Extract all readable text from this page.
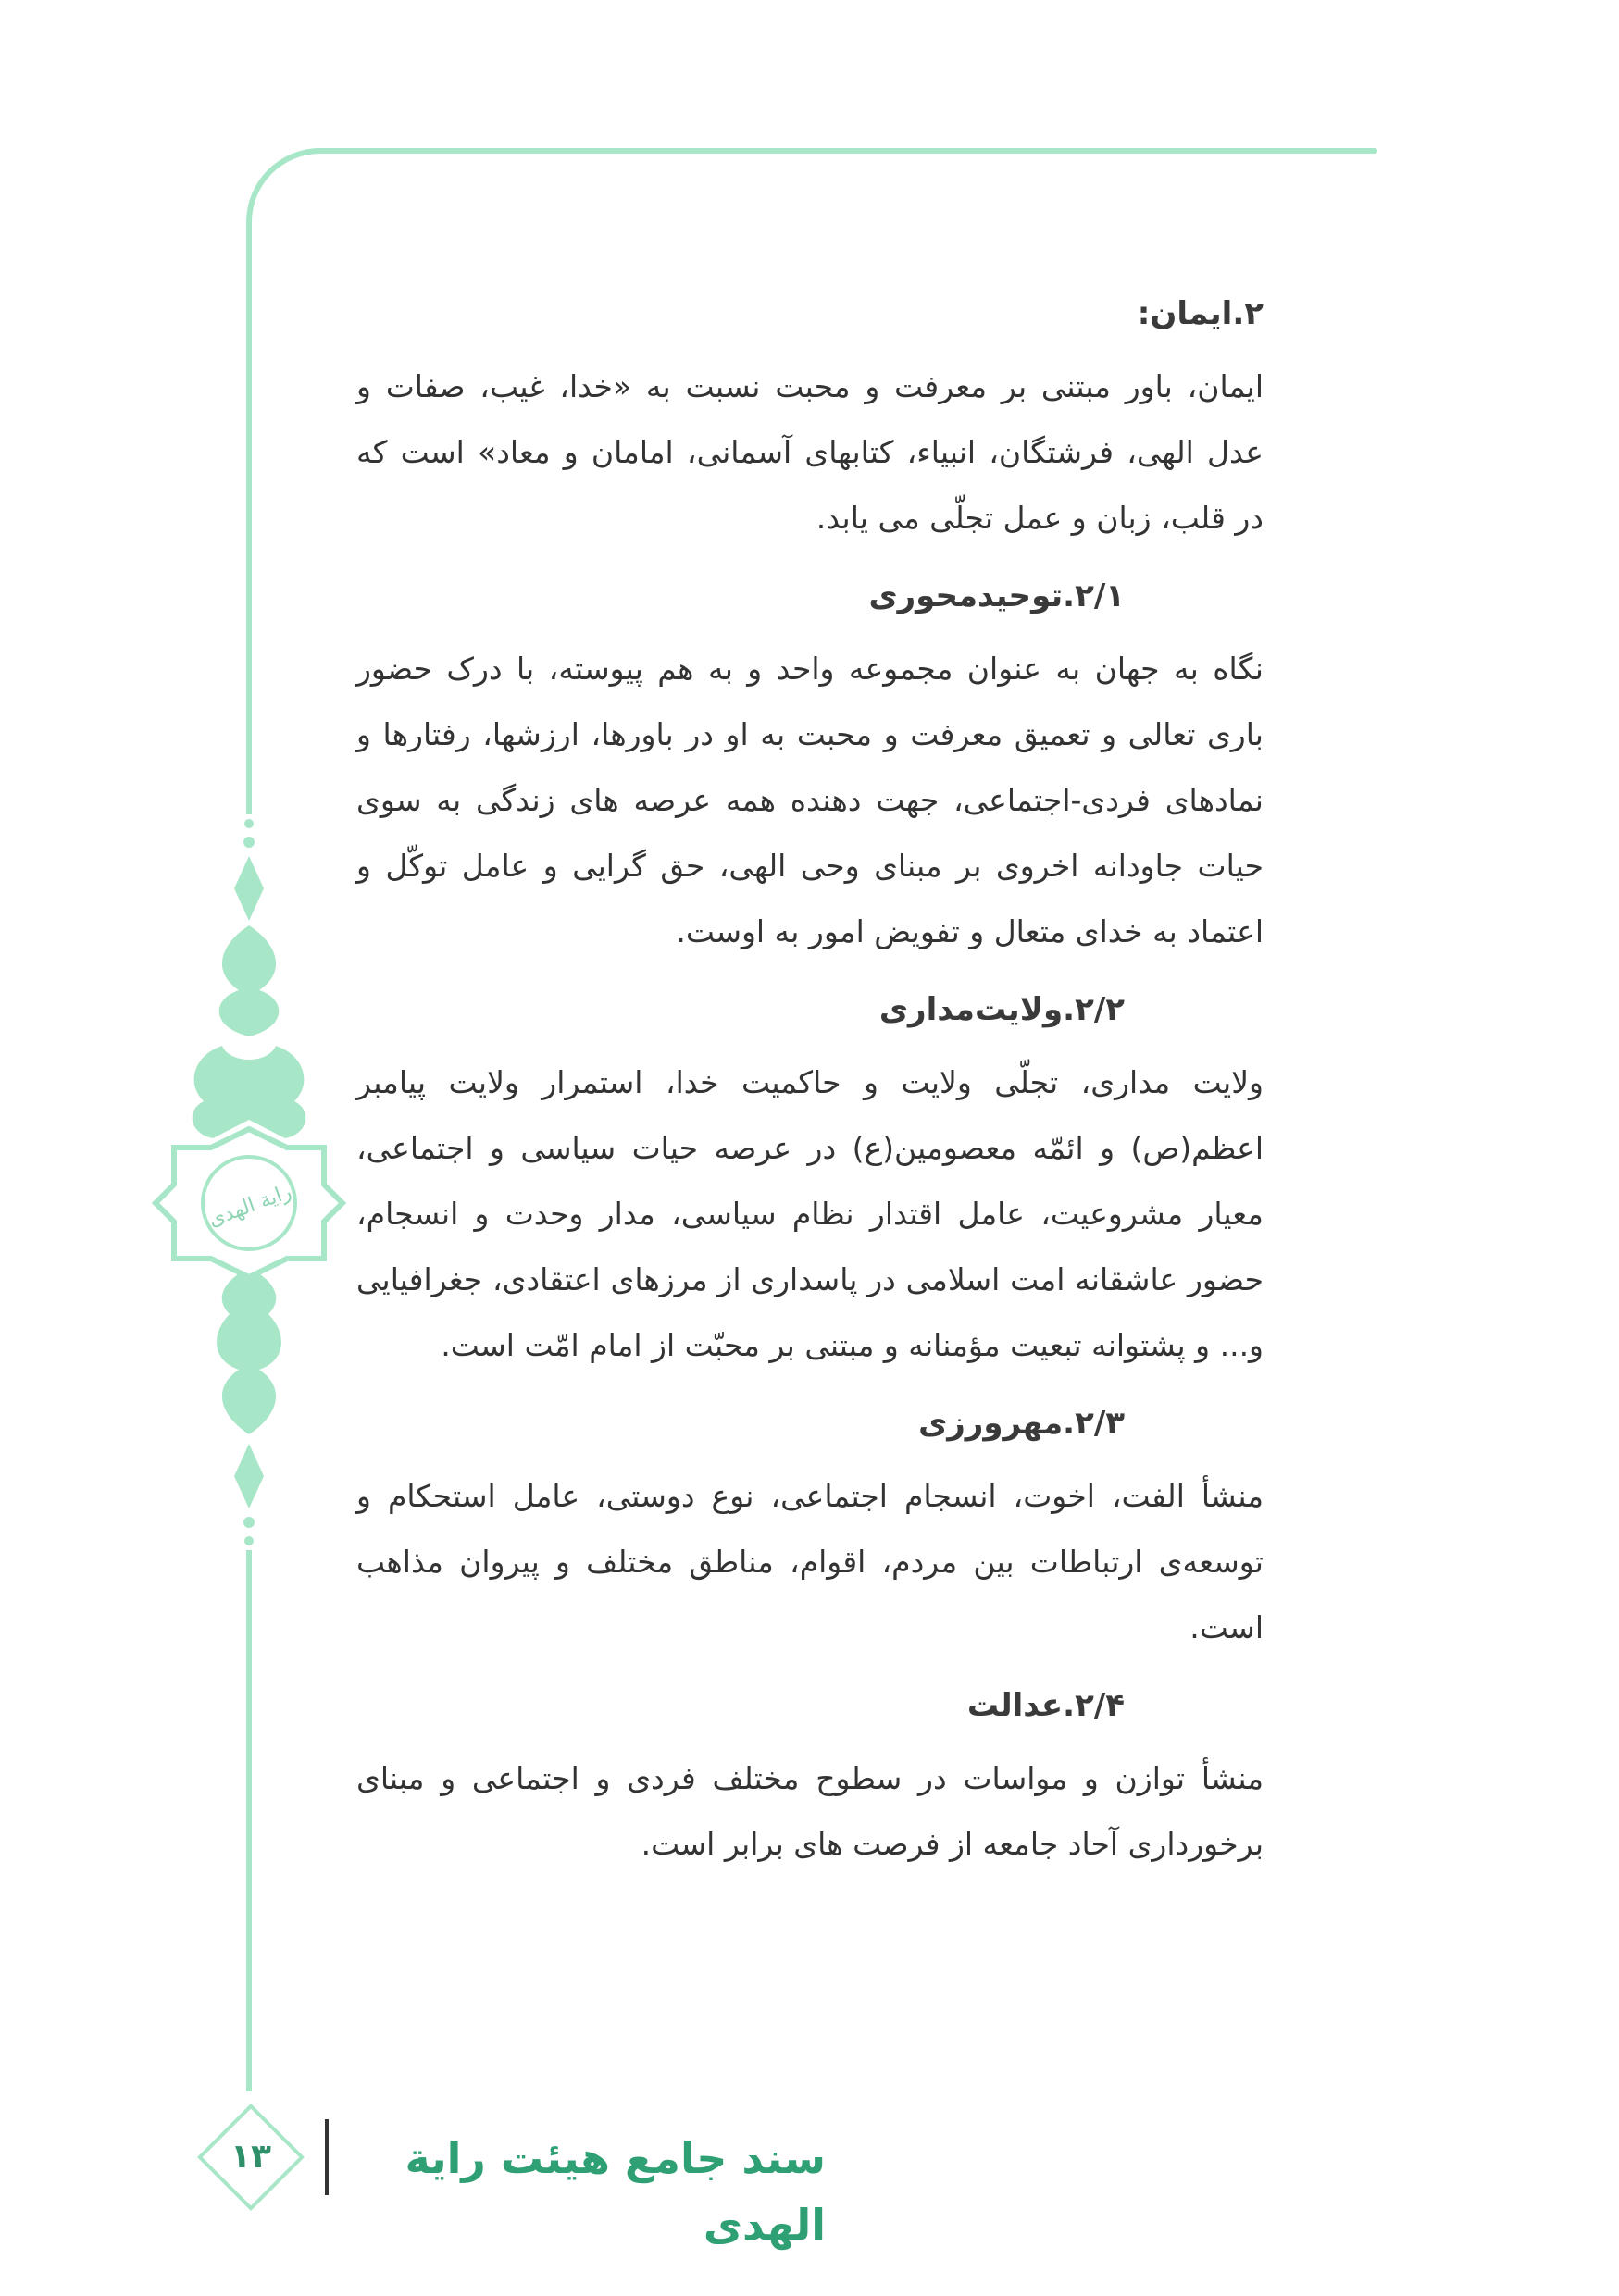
رایة الهدی
۲.ایمان:

ایمان، باور مبتنی بر معرفت و محبت نسبت به «خدا، غیب، صفات و عدل الهی، فرشتگان، انبیاء، کتابهای آسمانی، امامان و معاد» است که در قلب، زبان و عمل تجلّی می یابد.

۲/۱.توحیدمحوری

نگاه به جهان به عنوان مجموعه واحد و به هم پیوسته، با درک حضور باری تعالی و تعمیق معرفت و محبت به او در باورها، ارزشها، رفتارها و نمادهای فردی-اجتماعی، جهت دهنده همه عرصه های زندگی به سوی حیات جاودانه اخروی بر مبنای وحی الهی، حق گرایی و عامل توکّل و اعتماد به خدای متعال و تفویض امور به اوست.

۲/۲.ولایت‌مداری

ولایت مداری، تجلّی ولایت و حاکمیت خدا، استمرار ولایت پیامبر اعظم(ص) و ائمّه معصومین(ع) در عرصه حیات سیاسی و اجتماعی، معیار مشروعیت، عامل اقتدار نظام سیاسی، مدار وحدت و انسجام، حضور عاشقانه امت اسلامی در پاسداری از مرزهای اعتقادی، جغرافیایی و... و پشتوانه تبعیت مؤمنانه و مبتنی بر محبّت از امام امّت است.

۲/۳.مهرورزی

منشأ الفت، اخوت، انسجام اجتماعی، نوع دوستی، عامل استحکام و توسعه‌ی ارتباطات بین مردم، اقوام، مناطق مختلف و پیروان مذاهب است.

۲/۴.عدالت

منشأ توازن و مواسات در سطوح مختلف فردی و اجتماعی و مبنای برخورداری آحاد جامعه از فرصت های برابر است.

۱۳	سند جامع هیئت رایة الهدی
